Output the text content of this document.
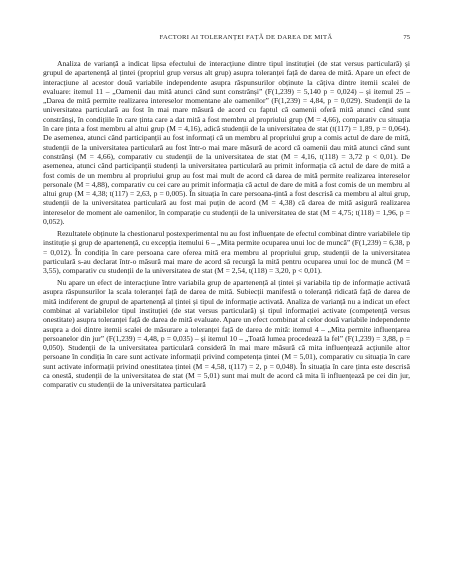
FACTORI AI TOLERANȚEI FAȚĂ DE DAREA DE MITĂ	75

Analiza de varianță a indicat lipsa efectului de interacțiune dintre tipul instituției (de stat versus particulară) și grupul de apartenență al țintei (propriul grup versus alt grup) asupra toleranței față de darea de mită. Apare un efect de interacțiune al acestor două variabile independente asupra răspunsurilor obținute la câțiva dintre itemii scalei de evaluare: itemul 11 – „Oamenii dau mită atunci când sunt constrânși” (F(1,239) = 5,140 p = 0,024) – și itemul 25 – „Darea de mită permite realizarea intereselor momentane ale oamenilor” (F(1,239) = 4,84, p = 0,029). Studenții de la universitatea particulară au fost în mai mare măsură de acord cu faptul că oamenii oferă mită atunci când sunt constrânși, în condițiile în care ținta care a dat mită a fost membru al propriului grup (M = 4,66), comparativ cu situația în care ținta a fost membru al altui grup (M = 4,16), adică studenții de la universitatea de stat (t(117) = 1,89, p = 0,064). De asemenea, atunci când participanții au fost informați că un membru al propriului grup a comis actul de dare de mită, studenții de la universitatea particulară au fost într-o mai mare măsură de acord că oamenii dau mită atunci când sunt constrânși (M = 4,66), comparativ cu studenții de la universitatea de stat (M = 4,16, t(118) = 3,72 p < 0,01). De asemenea, atunci când participanții studenți la universitatea particulară au primit informația că actul de dare de mită a fost comis de un membru al propriului grup au fost mai mult de acord că darea de mită permite realizarea intereselor personale (M = 4,88), comparativ cu cei care au primit informația că actul de dare de mită a fost comis de un membru al altui grup (M = 4,38; t(117) = 2,63, p = 0,005). În situația în care persoana-țintă a fost descrisă ca membru al altui grup, studenții de la universitatea particulară au fost mai puțin de acord (M = 4,38) că darea de mită asigură realizarea intereselor de moment ale oamenilor, în comparație cu studenții de la universitatea de stat (M = 4,75; t(118) = 1,96, p = 0,052).

Rezultatele obținute la chestionarul postexperimental nu au fost influențate de efectul combinat dintre variabilele tip instituție și grup de apartenență, cu excepția itemului 6 – „Mita permite ocuparea unui loc de muncă” (F(1,239) = 6,38, p = 0,012). În condiția în care persoana care oferea mită era membru al propriului grup, studenții de la universitatea particulară s-au declarat într-o măsură mai mare de acord să recurgă la mită pentru ocuparea unui loc de muncă (M = 3,55), comparativ cu studenții de la universitatea de stat (M = 2,54, t(118) = 3,20, p < 0,01).

Nu apare un efect de interacțiune între variabila grup de apartenență al țintei și variabila tip de informație activată asupra răspunsurilor la scala toleranței față de darea de mită. Subiecții manifestă o toleranță ridicată față de darea de mită indiferent de grupul de apartenență al țintei și tipul de informație activată. Analiza de varianță nu a indicat un efect combinat al variabilelor tipul instituției (de stat versus particulară) și tipul informației activate (competență versus onestitate) asupra toleranței față de darea de mită evaluate. Apare un efect combinat al celor două variabile independente asupra a doi dintre itemii scalei de măsurare a toleranței față de darea de mită: itemul 4 – „Mita permite influențarea persoanelor din jur” (F(1,239) = 4,48, p = 0,035) – și itemul 10 – „Toată lumea procedează la fel” (F(1,239) = 3,88, p = 0,050). Studenții de la universitatea particulară consideră în mai mare măsură că mita influențează acțiunile altor persoane în condiția în care sunt activate informații privind competența țintei (M = 5,01), comparativ cu situația în care sunt activate informații privind onestitatea țintei (M = 4,58, t(117) = 2, p = 0,048). În situația în care ținta este descrisă ca onestă, studenții de la universitatea de stat (M = 5,01) sunt mai mult de acord că mita îi influențează pe cei din jur, comparativ cu studenții de la universitatea particulară
